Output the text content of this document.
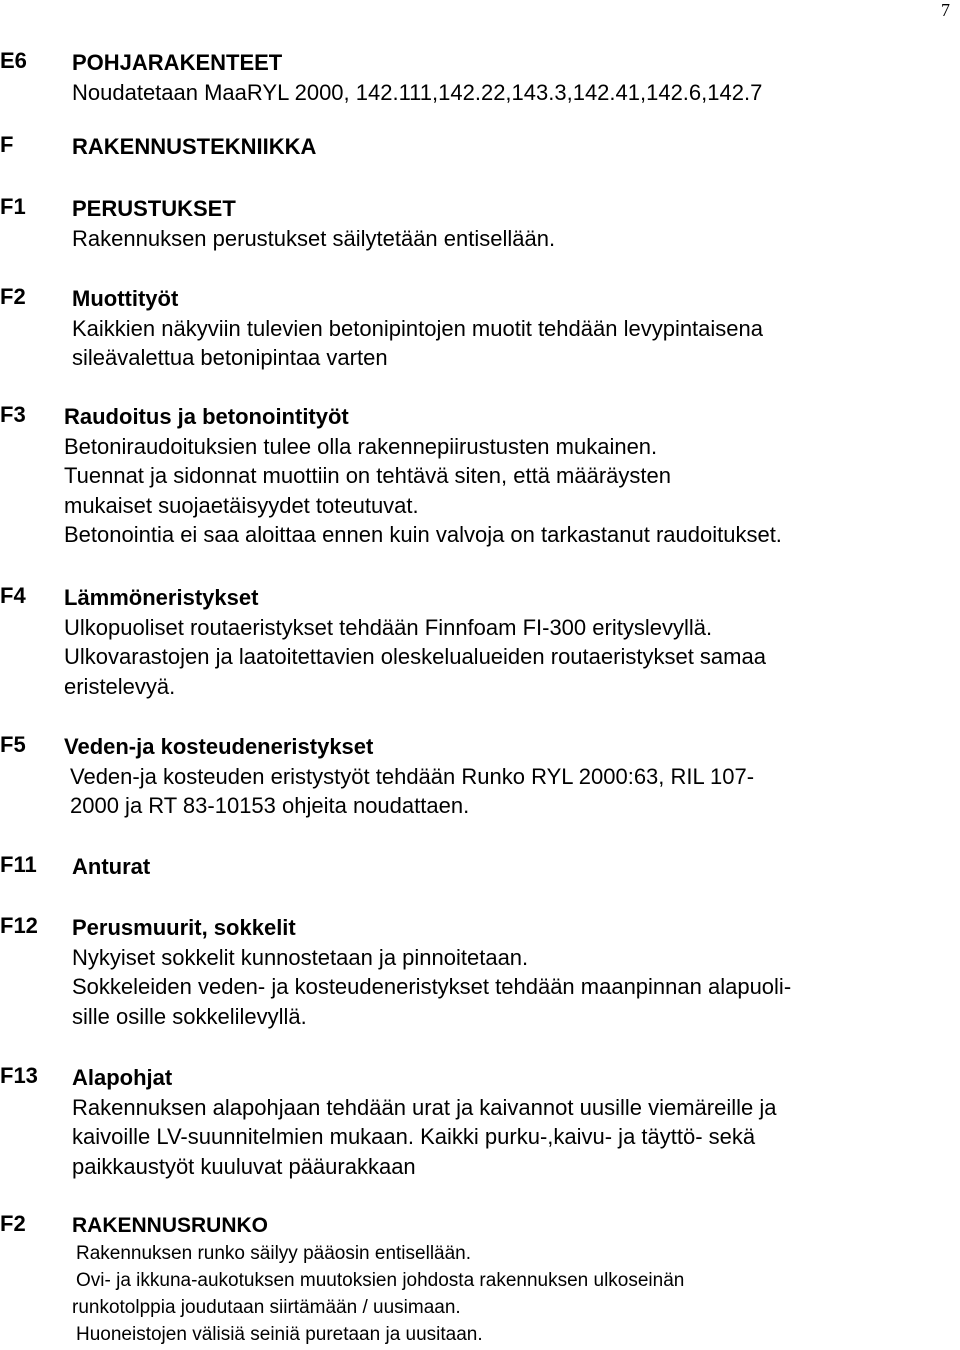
7
E6 POHJARAKENTEET
Noudatetaan MaaRYL 2000, 142.111,142.22,143.3,142.41,142.6,142.7
F	RAKENNUSTEKNIIKKA
F1 PERUSTUKSET
Rakennuksen perustukset säilytetään entisellään.
F2 Muottityöt
Kaikkien näkyviin tulevien betonipintojen muotit tehdään levypintaisena
sileävalettua betonipintaa varten
F3 Raudoitus ja betonointityöt
Betoniraudoituksien tulee olla rakennepiirustusten mukainen.
Tuennat ja sidonnat muottiin on tehtävä siten, että määräysten
mukaiset suojaetäisyydet toteutuvat.
Betonointia ei saa aloittaa ennen kuin valvoja on tarkastanut raudoitukset.
F4 Lämmöneristykset
Ulkopuoliset routaeristykset tehdään Finnfoam FI-300 erityslevyllä.
Ulkovarastojen ja laatoitettavien oleskelualueiden routaeristykset samaa
eristelevyä.
F5 Veden-ja kosteudeneristykset
Veden-ja kosteuden eristystyöt tehdään Runko RYL 2000:63, RIL 107-
2000 ja RT 83-10153 ohjeita noudattaen.
F11 Anturat
F12 Perusmuurit, sokkelit
Nykyiset sokkelit kunnostetaan ja pinnoitetaan.
Sokkeleiden veden- ja kosteudeneristykset tehdään maanpinnan alapuoli-
sille osille sokkelilevyllä.
F13 Alapohjat
Rakennuksen alapohjaan tehdään urat ja kaivannot uusille viemäreille ja
kaivoille LV-suunnitelmien mukaan. Kaikki purku-,kaivu- ja täyttö- sekä
paikkaustyöt kuuluvat pääurakkaan
F2 RAKENNUSRUNKO
Rakennuksen runko säilyy pääosin entisellään.
Ovi- ja ikkuna-aukotuksen muutoksien johdosta rakennuksen ulkoseinän
runkotolppia joudutaan siirtämään / uusimaan.
Huoneistojen välisiä seiniä puretaan ja uusitaan.
